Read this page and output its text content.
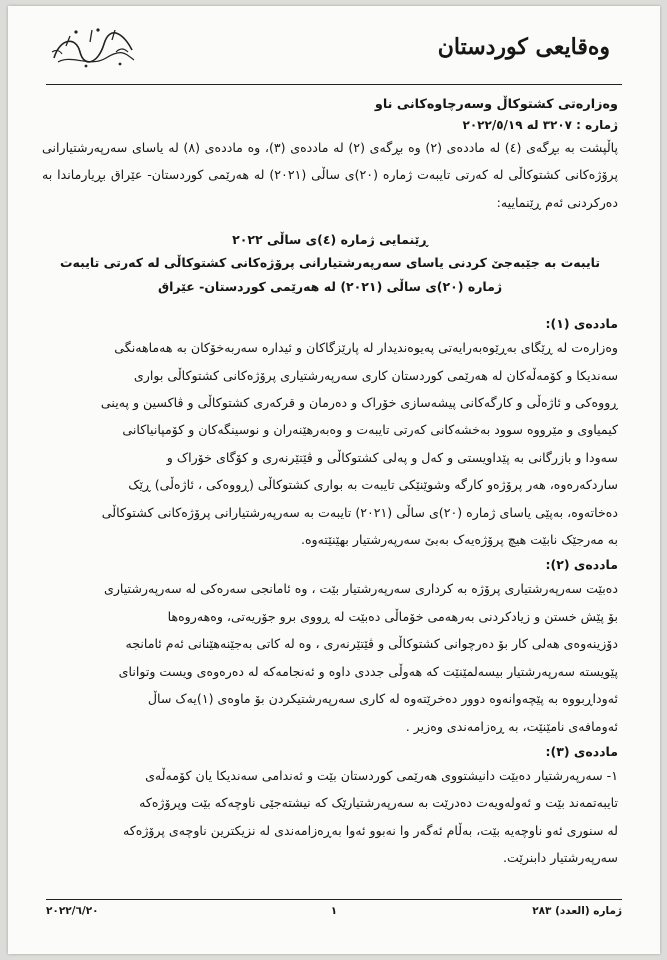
وه‌قایعی كوردستان
وەزارەتی کشتوکاڵ وسەرچاوەکانی ناو
ژمارە : ٣٢٠٧ لە ٢٠٢٢/٥/١٩

پاڵپشت بە بڕگەی (٤) لە ماددەی (٢) وە بڕگەی (٢) لە ماددەی (٣)، وە ماددەی (٨) لە یاسای سەرپەرشتیارانی پرۆژەکانی کشتوکاڵی لە کەرتی تایبەت ژمارە (٢٠)ی ساڵی (٢٠٢١) لە هەرێمی کوردستان- عێراق بڕیارماندا بە دەرکردنی ئەم ڕێنماییە:

ڕێنمایی ژمارە (٤)ی ساڵی ٢٠٢٢
تایبەت بە جێبەجێ کردنی یاسای سەرپەرشتیارانی پرۆژەکانی کشتوکاڵی لە کەرتی تایبەت
ژمارە (٢٠)ی ساڵی (٢٠٢١) لە هەرێمی کوردستان- عێراق
ماددەی (١):
وەزارەت لە ڕێگای بەڕێوەبەرایەتی پەیوەندیدار لە پارێزگاکان و ئیدارە سەربەخۆکان بە هەماهەنگی
سەندیکا و کۆمەڵەکان لە هەرێمی کوردستان کاری سەرپەرشتیاری پرۆژەکانی کشتوکاڵی بواری
ڕووەکی و ئاژەڵی و کارگەکانی پیشەسازی خۆراک و دەرمان و قرکەری کشتوکاڵی و ڤاکسین و پەینی
کیمیاوی و مێرووە سوود بەخشەکانی کەرتی تایبەت و وەبەرهێنەران و نوسینگەکان و کۆمپانیاکانی
سەودا و بازرگانی بە پێداویستی و کەل و پەلی کشتوکاڵی و ڤێتێرنەری و کۆگای خۆراک و
ساردکەرەوە، هەر پرۆژەو کارگە وشوێنێکی تایبەت بە بواری کشتوکاڵی (ڕووەکی ، ئاژەڵی) ڕێک
دەخاتەوە، بەپێی یاسای ژمارە (٢٠)ی ساڵی (٢٠٢١) تایبەت بە سەرپەرشتیارانی پرۆژەکانی کشتوکاڵی
بە مەرجێک نابێت هیچ پرۆژەیەک بەبێ سەرپەرشتیار بهێنێتەوە.
ماددەی (٢):
دەبێت سەرپەرشتیاری پرۆژە بە کرداری سەرپەرشتیار بێت ، وە ئامانجی سەرەکی لە سەرپەرشتیاری
بۆ پێش خستن و زیادکردنی بەرهەمی خۆماڵی دەبێت لە ڕووی برو جۆریەتی، وەهەروەها
دۆزینەوەی هەلی کار بۆ دەرچوانی کشتوکاڵی و ڤێتێرنەری ، وە لە کاتی بەجێنەهێنانی ئەم ئامانجە
پێویستە سەرپەرشتیار بیسەلمێنێت کە هەوڵی جددی داوە و ئەنجامەکە لە دەرەوەی ویست وتوانای
ئەوداڕبووە بە پێچەوانەوە دوور دەخرێتەوە لە کاری سەرپەرشتیکردن بۆ ماوەی (١)یەک ساڵ
ئەومافەی نامێنێت، بە ڕەزامەندی وەزیر .
ماددەی (٣):
١- سەرپەرشتیار دەبێت دانیشتووی هەرێمی کوردستان بێت و ئەندامی سەندیکا یان کۆمەڵەی
تایبەتمەند بێت و ئەولەویەت دەدرێت بە سەرپەرشتیارێک کە نیشتەجێی ناوچەکە بێت وپرۆژەکە
لە سنوری ئەو ناوچەیە بێت، بەڵام ئەگەر وا نەبوو ئەوا بەڕەزامەندی لە نزیکترین ناوچەی پرۆژەکە
سەرپەرشتیار دابنرێت.
ژمارە (العدد) ٢٨٣
١
٢٠٢٢/٦/٢٠
